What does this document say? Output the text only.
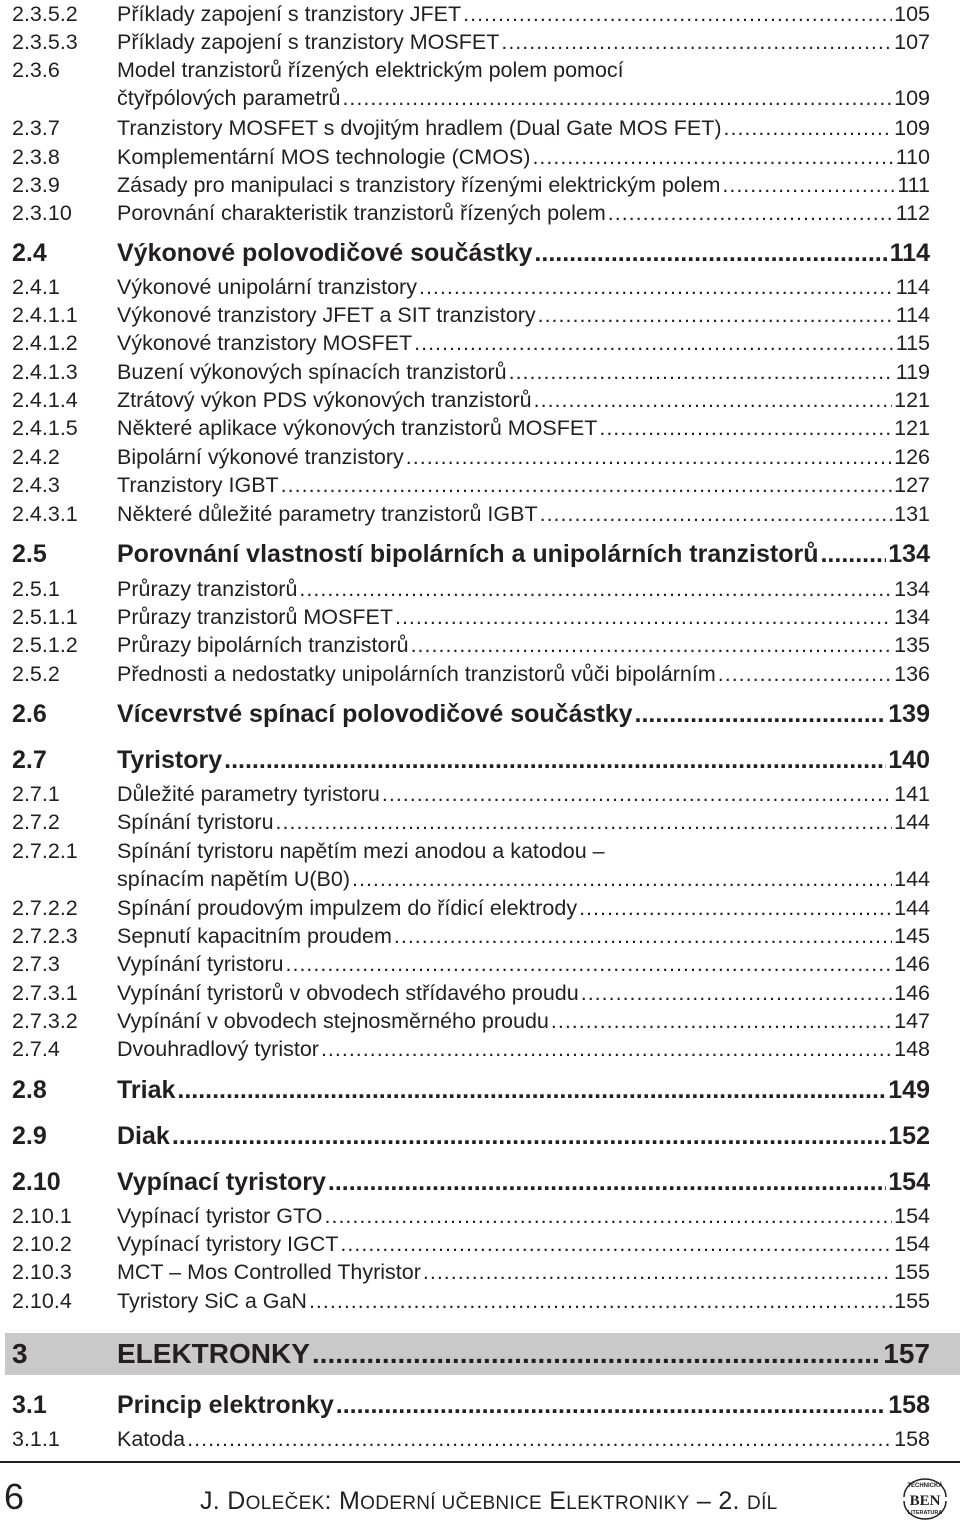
2.3.5.2 Příklady zapojení s tranzistory JFET .....	105
2.3.5.3 Příklady zapojení s tranzistory MOSFET .....	107
2.3.6	Model tranzistorů řízených elektrickým polem pomocí
čtyřpólových parametrů .....	109
2.3.7	Tranzistory MOSFET s dvojitým hradlem (Dual Gate MOS FET) .....	109
2.3.8	Komplementární MOS technologie (CMOS) .....	110
2.3.9	Zásady pro manipulaci s tranzistory řízenými elektrickým polem .....	111
2.3.10 Porovnání charakteristik tranzistorů řízených polem .....	112
2.4	Výkonové polovodičové součástky .....	114
2.4.1	Výkonové unipolární tranzistory .....	114
2.4.1.1 Výkonové tranzistory JFET a SIT tranzistory .....	114
2.4.1.2 Výkonové tranzistory MOSFET .....	115
2.4.1.3 Buzení výkonových spínacích tranzistorů .....	119
2.4.1.4 Ztrátový výkon PDS výkonových tranzistorů .....	121
2.4.1.5 Některé aplikace výkonových tranzistorů MOSFET .....	121
2.4.2	Bipolární výkonové tranzistory .....	126
2.4.3	Tranzistory IGBT .....	127
2.4.3.1 Některé důležité parametry tranzistorů IGBT .....	131
2.5	Porovnání vlastností bipolárních a unipolárních tranzistorů .....	134
2.5.1	Průrazy tranzistorů .....	134
2.5.1.1 Průrazy tranzistorů MOSFET .....	134
2.5.1.2 Průrazy bipolárních tranzistorů .....	135
2.5.2	Přednosti a nedostatky unipolárních tranzistorů vůči bipolárním .....	136
2.6	Vícevrstvé spínací polovodičové součástky .....	139
2.7	Tyristory .....	140
2.7.1	Důležité parametry tyristoru .....	141
2.7.2	Spínání tyristoru .....	144
2.7.2.1 Spínání tyristoru napětím mezi anodou a katodou –
spínacím napětím U(B0) .....	144
2.7.2.2 Spínání proudovým impulzem do řídicí elektrody .....	144
2.7.2.3 Sepnutí kapacitním proudem .....	145
2.7.3	Vypínání tyristoru .....	146
2.7.3.1 Vypínání tyristorů v obvodech střídavého proudu .....	146
2.7.3.2 Vypínání v obvodech stejnosměrného proudu .....	147
2.7.4	Dvouhradlový tyristor .....	148
2.8	Triak .....	149
2.9	Diak .....	152
2.10 Vypínací tyristory .....	154
2.10.1 Vypínací tyristor GTO .....	154
2.10.2 Vypínací tyristory IGCT .....	154
2.10.3 MCT – Mos Controlled Thyristor .....	155
2.10.4 Tyristory SiC a GaN .....	155
3	ELEKTRONKY .....	157
3.1	Princip elektronky .....	158
3.1.1	Katoda .....	158
6	J. DOLEČEK: MODERNÍ UČEBNICE ELEKTRONIKY – 2. DÍL
TECHNICKÁ
LITERATURA
BEN
